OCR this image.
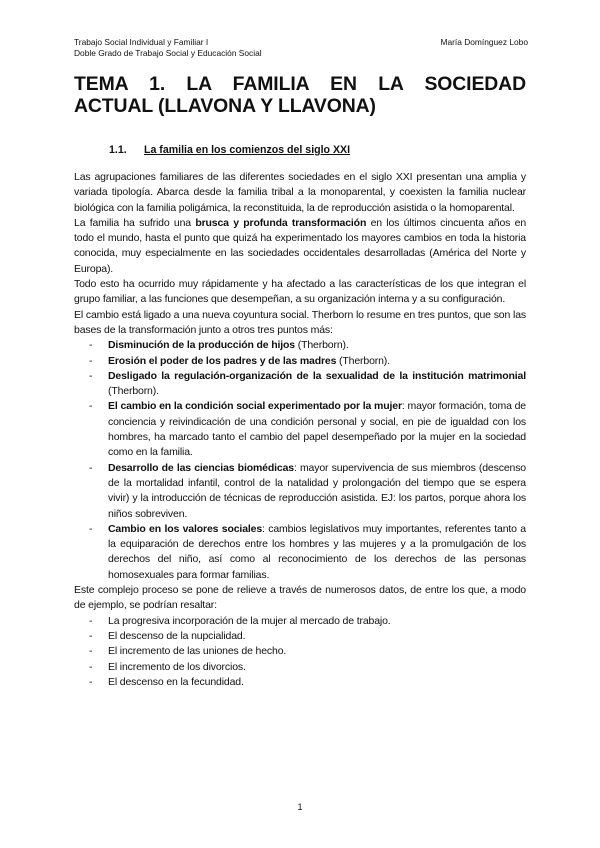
Trabajo Social Individual y Familiar I
Doble Grado de Trabajo Social y Educación Social
María Domínguez Lobo
TEMA 1. LA FAMILIA EN LA SOCIEDAD
ACTUAL (LLAVONA Y LLAVONA)
1.1. La familia en los comienzos del siglo XXI

Las agrupaciones familiares de las diferentes sociedades en el siglo XXI presentan una amplia y variada tipología. Abarca desde la familia tribal a la monoparental, y coexisten la familia nuclear biológica con la familia poligámica, la reconstituida, la de reproducción asistida o la homoparental.

La familia ha sufrido una brusca y profunda transformación en los últimos cincuenta años en todo el mundo, hasta el punto que quizá ha experimentado los mayores cambios en toda la historia conocida, muy especialmente en las sociedades occidentales desarrolladas (América del Norte y Europa).

Todo esto ha ocurrido muy rápidamente y ha afectado a las características de los que integran el grupo familiar, a las funciones que desempeñan, a su organización interna y a su configuración.

El cambio está ligado a una nueva coyuntura social. Therborn lo resume en tres puntos, que son las bases de la transformación junto a otros tres puntos más:

- Disminución de la producción de hijos (Therborn).
- Erosión el poder de los padres y de las madres (Therborn).
- Desligado la regulación-organización de la sexualidad de la institución matrimonial (Therborn).
- El cambio en la condición social experimentado por la mujer: mayor formación, toma de conciencia y reivindicación de una condición personal y social, en pie de igualdad con los hombres, ha marcado tanto el cambio del papel desempeñado por la mujer en la sociedad como en la familia.
- Desarrollo de las ciencias biomédicas: mayor supervivencia de sus miembros (descenso de la mortalidad infantil, control de la natalidad y prolongación del tiempo que se espera vivir) y la introducción de técnicas de reproducción asistida. EJ: los partos, porque ahora los niños sobreviven.
- Cambio en los valores sociales: cambios legislativos muy importantes, referentes tanto a la equiparación de derechos entre los hombres y las mujeres y a la promulgación de los derechos del niño, así como al reconocimiento de los derechos de las personas homosexuales para formar familias.

Este complejo proceso se pone de relieve a través de numerosos datos, de entre los que, a modo de ejemplo, se podrían resaltar:

- La progresiva incorporación de la mujer al mercado de trabajo.
- El descenso de la nupcialidad.
- El incremento de las uniones de hecho.
- El incremento de los divorcios.
- El descenso en la fecundidad.
1
